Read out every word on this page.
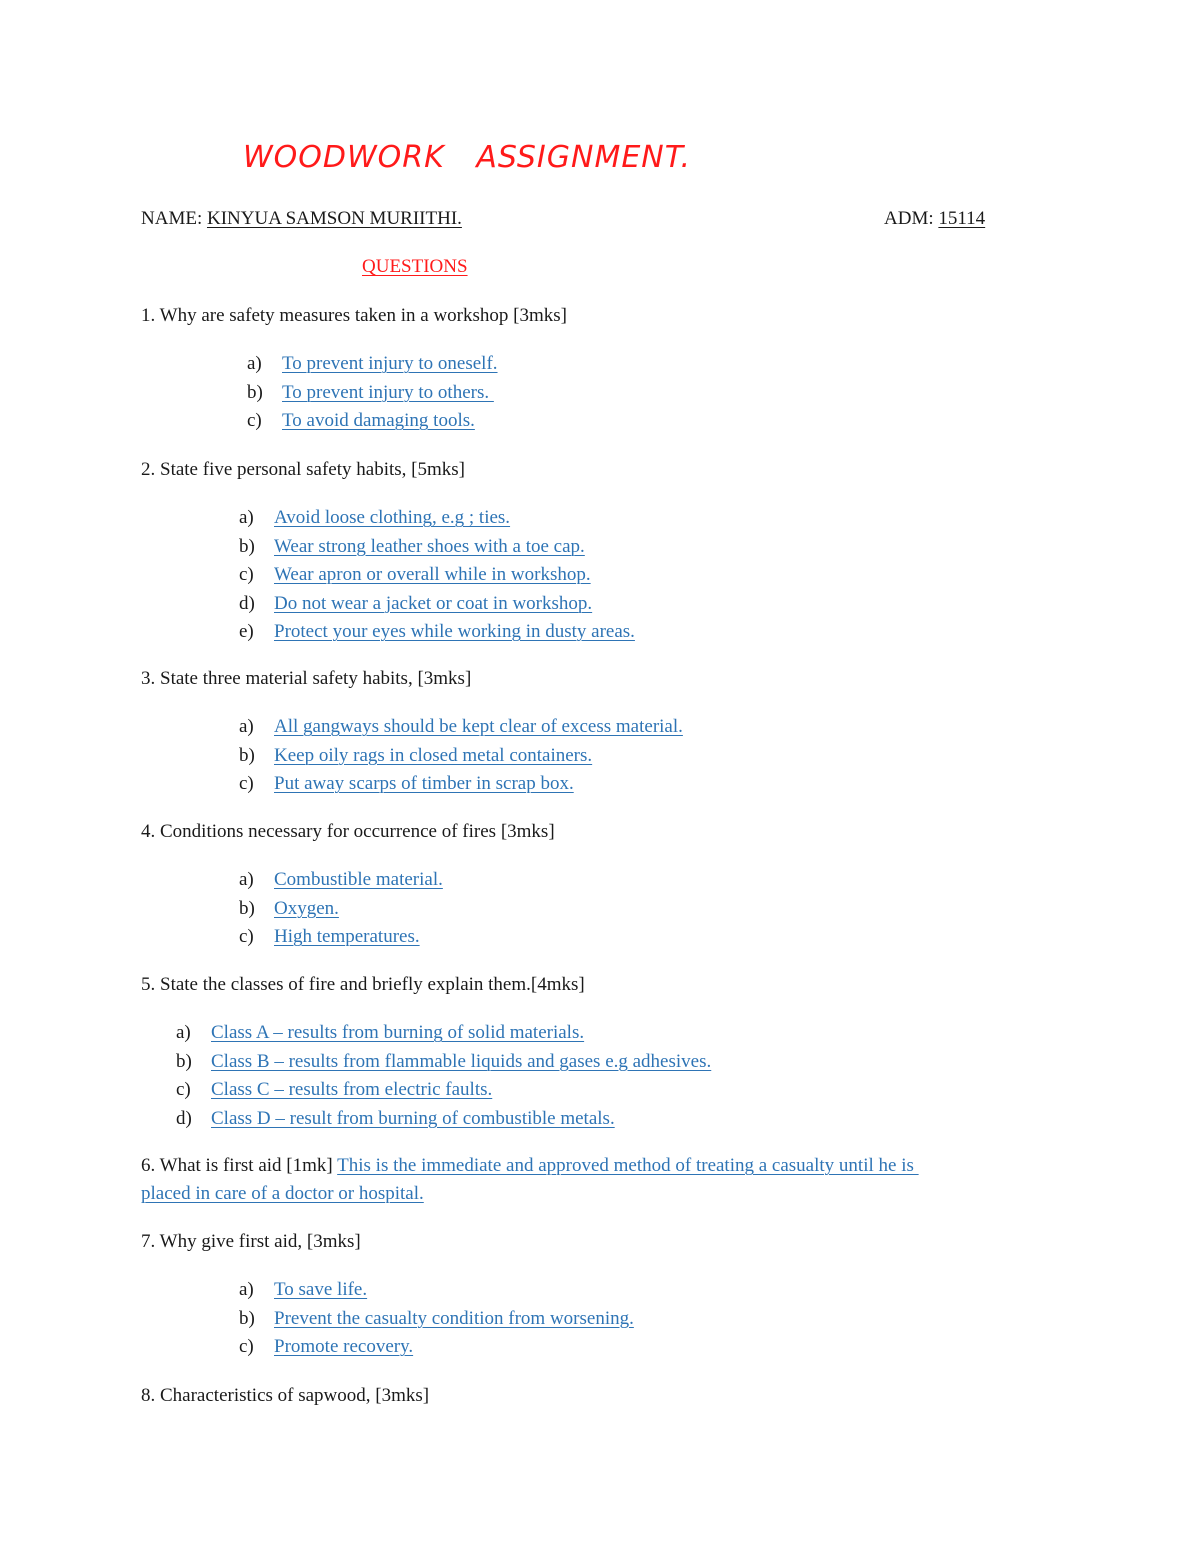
WOODWORK   ASSIGNMENT.
NAME: KINYUA SAMSON MURIITHI.	ADM: 15114
QUESTIONS
1. Why are safety measures taken in a workshop [3mks]
a) To prevent injury to oneself.
b) To prevent injury to others.
c) To avoid damaging tools.
2. State five personal safety habits, [5mks]
a) Avoid loose clothing, e.g ; ties.
b) Wear strong leather shoes with a toe cap.
c) Wear apron or overall while in workshop.
d) Do not wear a jacket or coat in workshop.
e) Protect your eyes while working in dusty areas.
3. State three material safety habits, [3mks]
a) All gangways should be kept clear of excess material.
b) Keep oily rags in closed metal containers.
c) Put away scarps of timber in scrap box.
4. Conditions necessary for occurrence of fires [3mks]
a) Combustible material.
b) Oxygen.
c) High temperatures.
5. State the classes of fire and briefly explain them.[4mks]
a) Class A – results from burning of solid materials.
b) Class B – results from flammable liquids and gases e.g adhesives.
c) Class C – results from electric faults.
d) Class D – result from burning of combustible metals.
6. What is first aid [1mk] This is the immediate and approved method of treating a casualty until he is
placed in care of a doctor or hospital.
7. Why give first aid, [3mks]
a) To save life.
b) Prevent the casualty condition from worsening.
c) Promote recovery.
8. Characteristics of sapwood, [3mks]
